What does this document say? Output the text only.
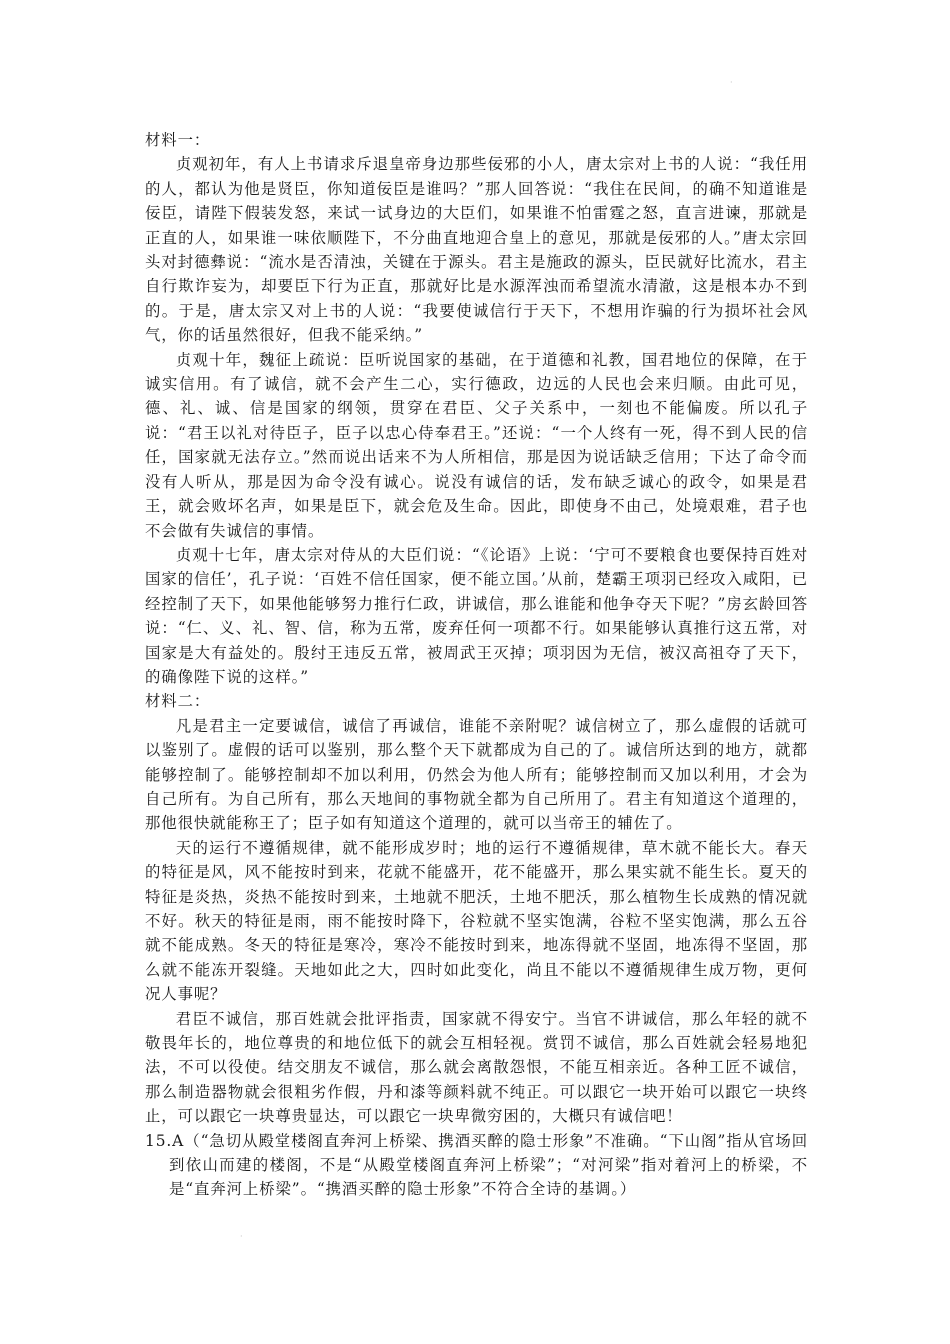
·

材料一：

贞观初年，有人上书请求斥退皇帝身边那些佞邪的小人，唐太宗对上书的人说：“我任用的人，都认为他是贤臣，你知道佞臣是谁吗？”那人回答说：“我住在民间，的确不知道谁是佞臣，请陛下假装发怒，来试一试身边的大臣们，如果谁不怕雷霆之怒，直言进谏，那就是正直的人，如果谁一味依顺陛下，不分曲直地迎合皇上的意见，那就是佞邪的人。”唐太宗回头对封德彝说：“流水是否清浊，关键在于源头。君主是施政的源头，臣民就好比流水，君主自行欺诈妄为，却要臣下行为正直，那就好比是水源浑浊而希望流水清澈，这是根本办不到的。于是，唐太宗又对上书的人说：“我要使诚信行于天下，不想用诈骗的行为损坏社会风气，你的话虽然很好，但我不能采纳。”

贞观十年，魏征上疏说：臣听说国家的基础，在于道德和礼教，国君地位的保障，在于诚实信用。有了诚信，就不会产生二心，实行德政，边远的人民也会来归顺。由此可见，德、礼、诚、信是国家的纲领，贯穿在君臣、父子关系中，一刻也不能偏废。所以孔子说：“君王以礼对待臣子，臣子以忠心侍奉君王。”还说：“一个人终有一死，得不到人民的信任，国家就无法存立。”然而说出话来不为人所相信，那是因为说话缺乏信用；下达了命令而没有人听从，那是因为命令没有诚心。说没有诚信的话，发布缺乏诚心的政令，如果是君王，就会败坏名声，如果是臣下，就会危及生命。因此，即使身不由己，处境艰难，君子也不会做有失诚信的事情。

贞观十七年，唐太宗对侍从的大臣们说：“《论语》上说：‘宁可不要粮食也要保持百姓对国家的信任’，孔子说：‘百姓不信任国家，便不能立国。’从前，楚霸王项羽已经攻入咸阳，已经控制了天下，如果他能够努力推行仁政，讲诚信，那么谁能和他争夺天下呢？”房玄龄回答说：“仁、义、礼、智、信，称为五常，废弃任何一项都不行。如果能够认真推行这五常，对国家是大有益处的。殷纣王违反五常，被周武王灭掉；项羽因为无信，被汉高祖夺了天下，的确像陛下说的这样。”

材料二：

凡是君主一定要诚信，诚信了再诚信，谁能不亲附呢？诚信树立了，那么虚假的话就可以鉴别了。虚假的话可以鉴别，那么整个天下就都成为自己的了。诚信所达到的地方，就都能够控制了。能够控制却不加以利用，仍然会为他人所有；能够控制而又加以利用，才会为自己所有。为自己所有，那么天地间的事物就全都为自己所用了。君主有知道这个道理的，那他很快就能称王了；臣子如有知道这个道理的，就可以当帝王的辅佐了。

天的运行不遵循规律，就不能形成岁时；地的运行不遵循规律，草木就不能长大。春天的特征是风，风不能按时到来，花就不能盛开，花不能盛开，那么果实就不能生长。夏天的特征是炎热，炎热不能按时到来，土地就不肥沃，土地不肥沃，那么植物生长成熟的情况就不好。秋天的特征是雨，雨不能按时降下，谷粒就不坚实饱满，谷粒不坚实饱满，那么五谷就不能成熟。冬天的特征是寒冷，寒冷不能按时到来，地冻得就不坚固，地冻得不坚固，那么就不能冻开裂缝。天地如此之大，四时如此变化，尚且不能以不遵循规律生成万物，更何况人事呢？

君臣不诚信，那百姓就会批评指责，国家就不得安宁。当官不讲诚信，那么年轻的就不敬畏年长的，地位尊贵的和地位低下的就会互相轻视。赏罚不诚信，那么百姓就会轻易地犯法，不可以役使。结交朋友不诚信，那么就会离散怨恨，不能互相亲近。各种工匠不诚信，那么制造器物就会很粗劣作假，丹和漆等颜料就不纯正。可以跟它一块开始可以跟它一块终止，可以跟它一块尊贵显达，可以跟它一块卑微穷困的，大概只有诚信吧！

15.A（“急切从殿堂楼阁直奔河上桥梁、携酒买醉的隐士形象”不准确。“下山阁”指从官场回到依山而建的楼阁，不是“从殿堂楼阁直奔河上桥梁”；“对河梁”指对着河上的桥梁，不是“直奔河上桥梁”。“携酒买醉的隐士形象”不符合全诗的基调。）

·
